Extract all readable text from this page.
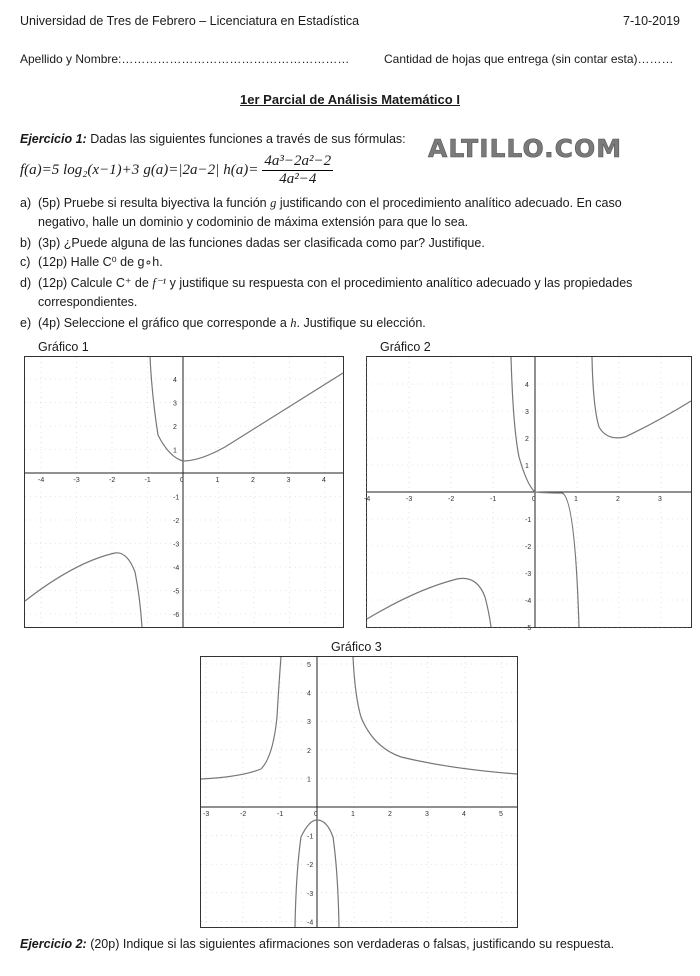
Universidad de Tres de Febrero – Licenciatura en Estadística	7-10-2019
Apellido y Nombre:…………………………………………………	Cantidad de hojas que entrega (sin contar esta)………
1er Parcial de Análisis Matemático I
ALTILLO.COM
Ejercicio 1: Dadas las siguientes funciones a través de sus fórmulas:
f(a)=5 log₂(x−1)+3 g(a)=|2a−2| $h(a)= \frac{\text{4a³−2a²−2}}{\text{4a²−4}}$
a) (5p) Pruebe si resulta biyectiva la función g justificando con el procedimiento analítico adecuado. En caso
negativo, halle un dominio y codominio de máxima extensión para que lo sea.
b) (3p) ¿Puede alguna de las funciones dadas ser clasificada como par? Justifique.
c) (12p) Halle C⁰ de g∘h.
d) (12p) Calcule C⁺ de f⁻¹ y justifique su respuesta con el procedimiento analítico adecuado y las propiedades
correspondientes.
e) (4p) Seleccione el gráfico que corresponde a h. Justifique su elección.
Gráfico 1
-4	-3	-2	-1	0	1	2	3	4
4
3
2
1
-1
-2
-3
-4
-5
-6
Gráfico 2
-4	-3	-2	-1	0	1	2	3
4
3
2
1
-1
-2
-3
-4
-5
Gráfico 3
-3	-2	-1	0	1	2	3	4	5
5
4
3
2
1
-1
-2
-3
-4
Ejercicio 2: (20p) Indique si las siguientes afirmaciones son verdaderas o falsas, justificando su respuesta.
